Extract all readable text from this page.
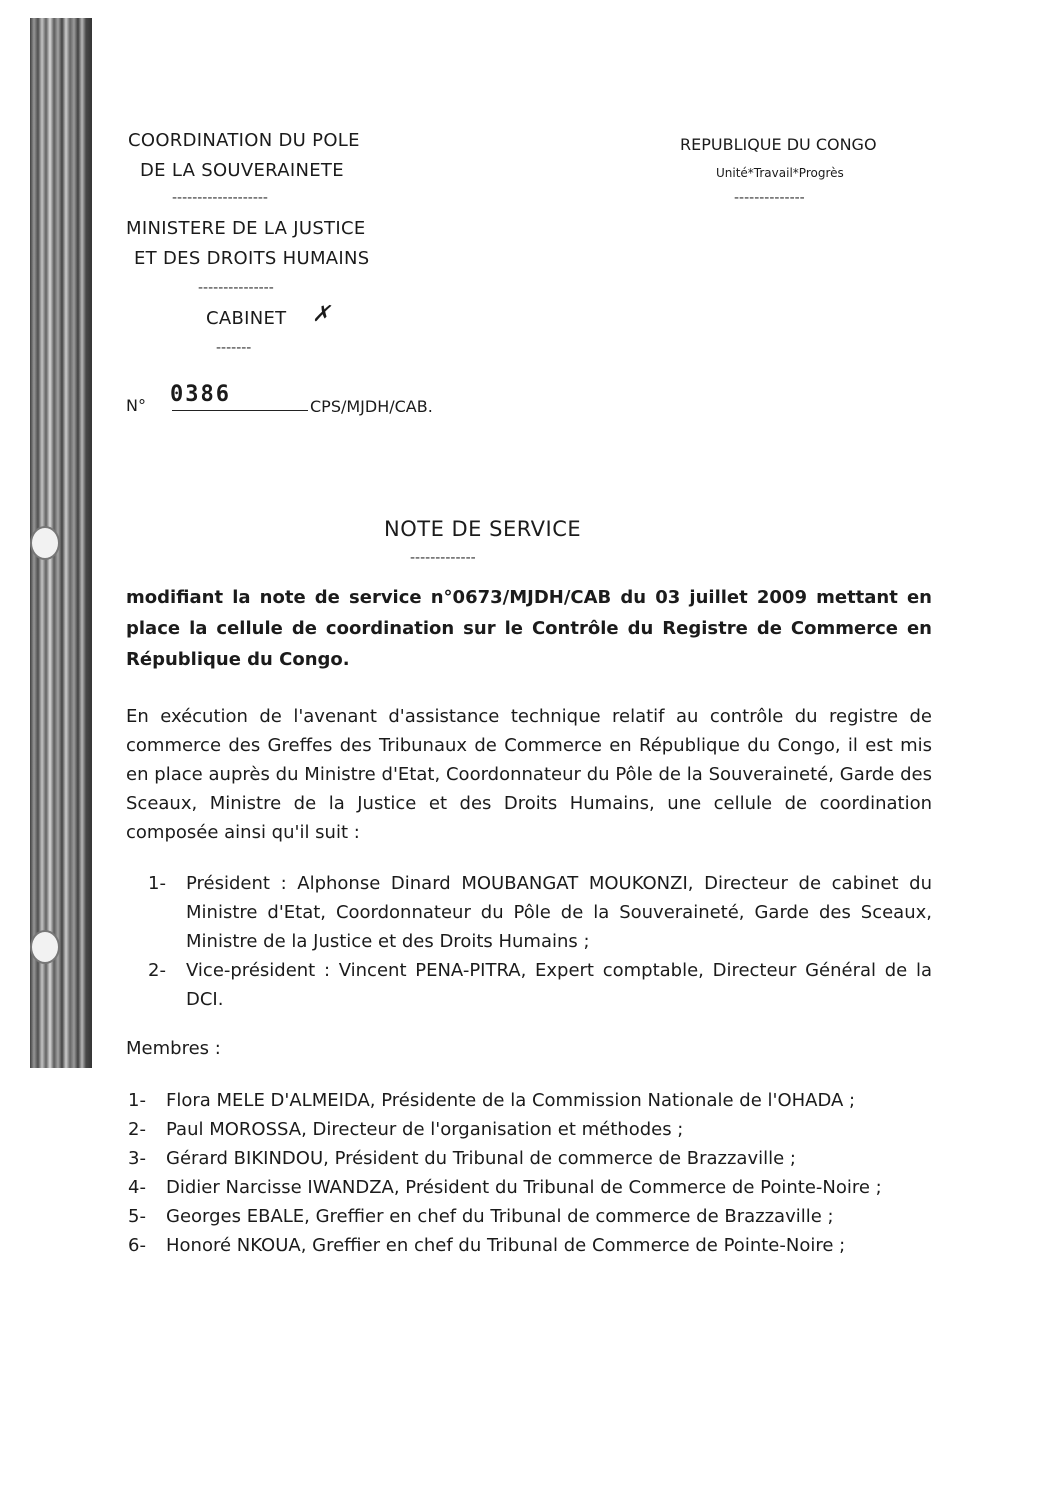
COORDINATION DU POLE
DE LA SOUVERAINETE
-------------------
MINISTERE DE LA JUSTICE
ET DES DROITS HUMAINS
---------------
CABINET ✗
-------
REPUBLIQUE DU CONGO
Unité*Travail*Progrès
--------------
N° 0386	CPS/MJDH/CAB.
NOTE DE SERVICE
-------------
modifiant la note de service n°0673/MJDH/CAB du 03 juillet 2009 mettant en place la cellule de coordination sur le Contrôle du Registre de Commerce en République du Congo.
En exécution de l'avenant d'assistance technique relatif au contrôle du registre de commerce des Greffes des Tribunaux de Commerce en République du Congo, il est mis en place auprès du Ministre d'Etat, Coordonnateur du Pôle de la Souveraineté, Garde des Sceaux, Ministre de la Justice et des Droits Humains, une cellule de coordination composée ainsi qu'il suit :
1- Président : Alphonse Dinard MOUBANGAT MOUKONZI, Directeur de cabinet du Ministre d'Etat, Coordonnateur du Pôle de la Souveraineté, Garde des Sceaux, Ministre de la Justice et des Droits Humains ;
2- Vice-président : Vincent PENA-PITRA, Expert comptable, Directeur Général de la DCI.
Membres :
1- Flora MELE D'ALMEIDA, Présidente de la Commission Nationale de l'OHADA ;
2- Paul MOROSSA, Directeur de l'organisation et méthodes ;
3- Gérard BIKINDOU, Président du Tribunal de commerce de Brazzaville ;
4- Didier Narcisse IWANDZA, Président du Tribunal de Commerce de Pointe-Noire ;
5- Georges EBALE, Greffier en chef du Tribunal de commerce de Brazzaville ;
6- Honoré NKOUA, Greffier en chef du Tribunal de Commerce de Pointe-Noire ;
